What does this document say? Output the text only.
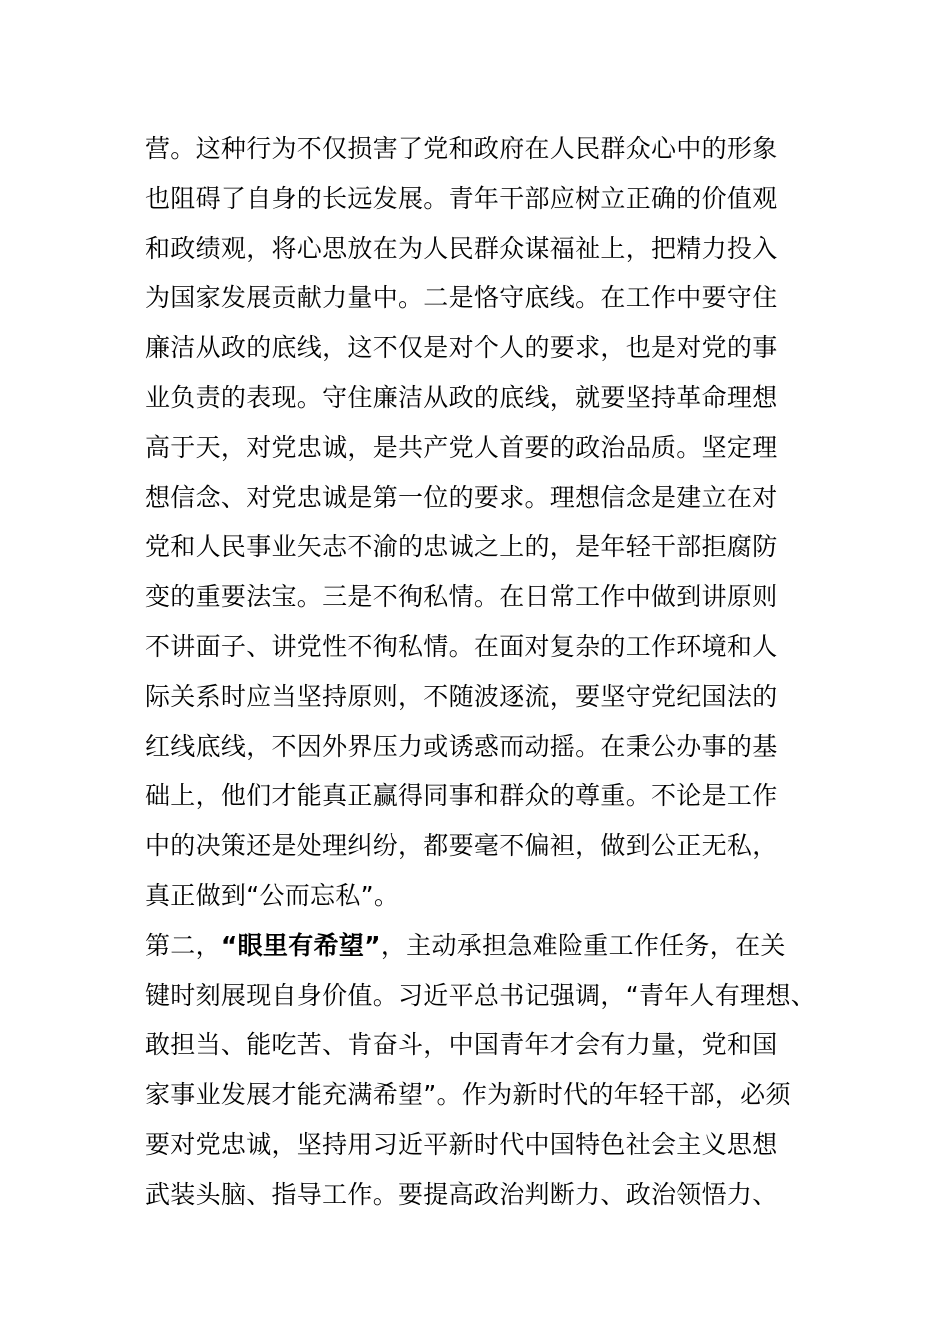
营。这种行为不仅损害了党和政府在人民群众心中的形象
也阻碍了自身的长远发展。青年干部应树立正确的价值观
和政绩观，将心思放在为人民群众谋福祉上，把精力投入
为国家发展贡献力量中。二是恪守底线。在工作中要守住
廉洁从政的底线，这不仅是对个人的要求，也是对党的事
业负责的表现。守住廉洁从政的底线，就要坚持革命理想
高于天，对党忠诚，是共产党人首要的政治品质。坚定理
想信念、对党忠诚是第一位的要求。理想信念是建立在对
党和人民事业矢志不渝的忠诚之上的，是年轻干部拒腐防
变的重要法宝。三是不徇私情。在日常工作中做到讲原则
不讲面子、讲党性不徇私情。在面对复杂的工作环境和人
际关系时应当坚持原则，不随波逐流，要坚守党纪国法的
红线底线，不因外界压力或诱惑而动摇。在秉公办事的基
础上，他们才能真正赢得同事和群众的尊重。不论是工作
中的决策还是处理纠纷，都要毫不偏袒，做到公正无私，
真正做到“公而忘私”。
第二，“眼里有希望”，主动承担急难险重工作任务，在关
键时刻展现自身价值。习近平总书记强调，“青年人有理想、
敢担当、能吃苦、肯奋斗，中国青年才会有力量，党和国
家事业发展才能充满希望”。作为新时代的年轻干部，必须
要对党忠诚，坚持用习近平新时代中国特色社会主义思想
武装头脑、指导工作。要提高政治判断力、政治领悟力、
